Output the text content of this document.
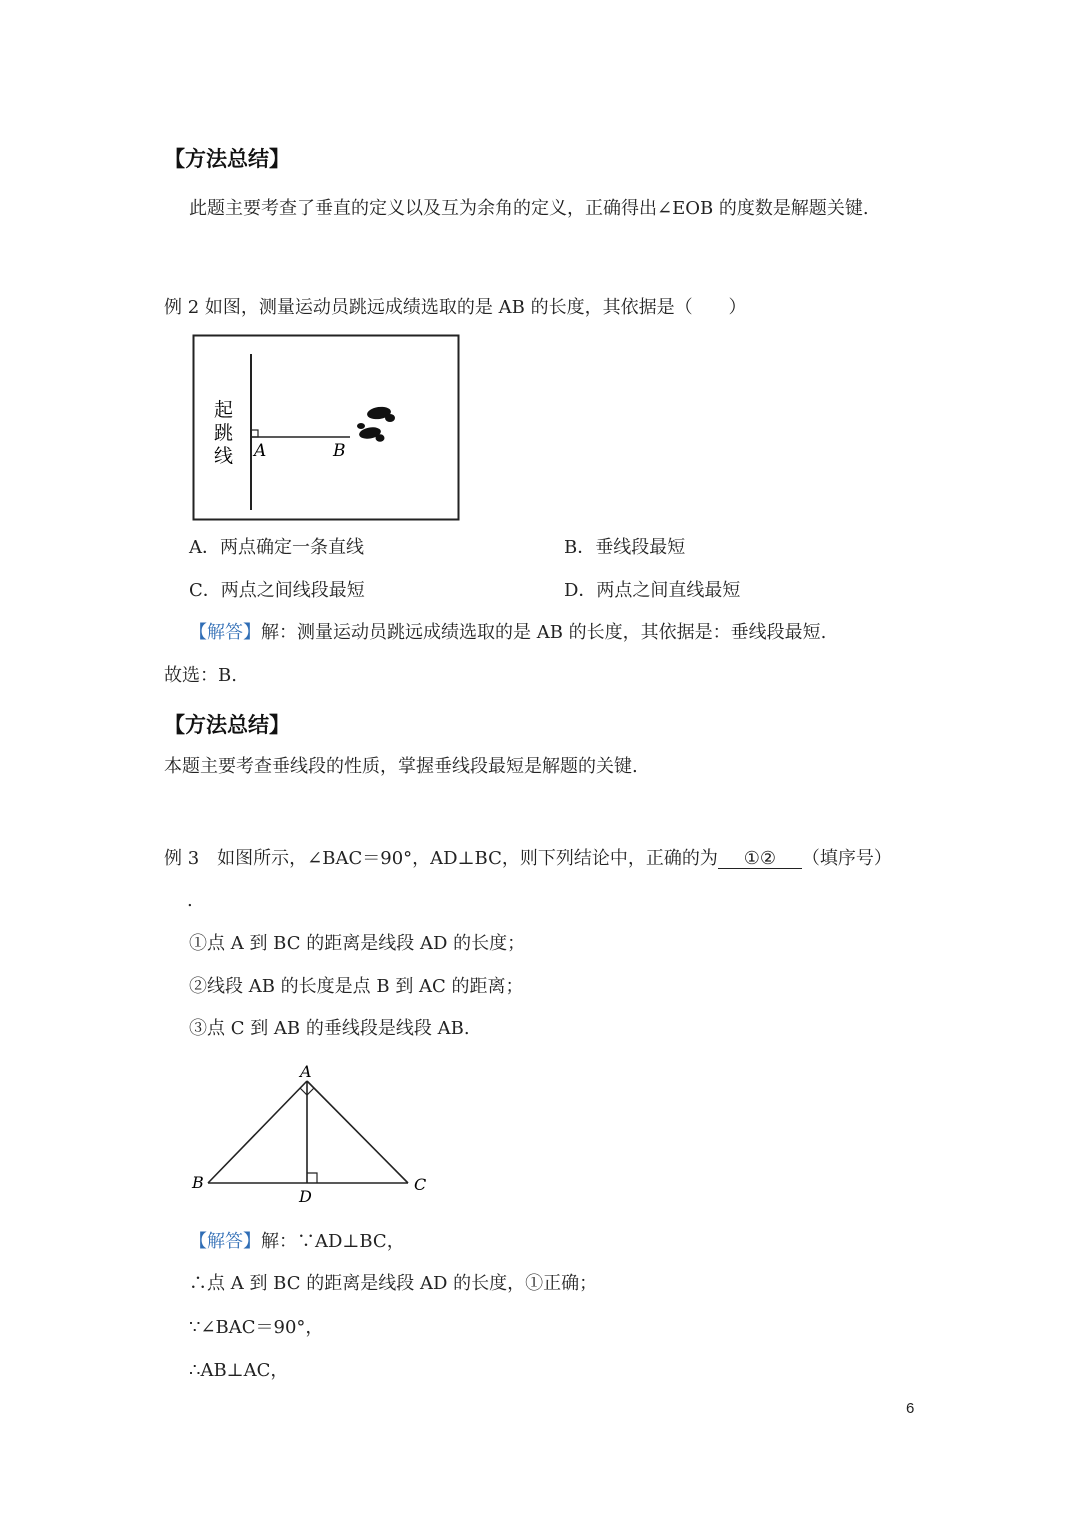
【方法总结】
此题主要考查了垂直的定义以及互为余角的定义，正确得出∠EOB 的度数是解题关键.
例 2 如图，测量运动员跳远成绩选取的是 AB 的长度，其依据是（　　）
起
跳
线 A	B
A．两点确定一条直线	B．垂线段最短
C．两点之间线段最短	D．两点之间直线最短
【解答】解：测量运动员跳远成绩选取的是 AB 的长度，其依据是：垂线段最短.
故选：B.
【方法总结】
本题主要考查垂线段的性质，掌握垂线段最短是解题的关键.
例 3　如图所示，∠BAC＝90°，AD⊥BC，则下列结论中，正确的为 ①② （填序号）
.
①点 A 到 BC 的距离是线段 AD 的长度；
②线段 AB 的长度是点 B 到 AC 的距离；
③点 C 到 AB 的垂线段是线段 AB.
A
B	C
D
【解答】解：∵AD⊥BC，
∴点 A 到 BC 的距离是线段 AD 的长度，①正确；
∵∠BAC＝90°，
∴AB⊥AC，
6
